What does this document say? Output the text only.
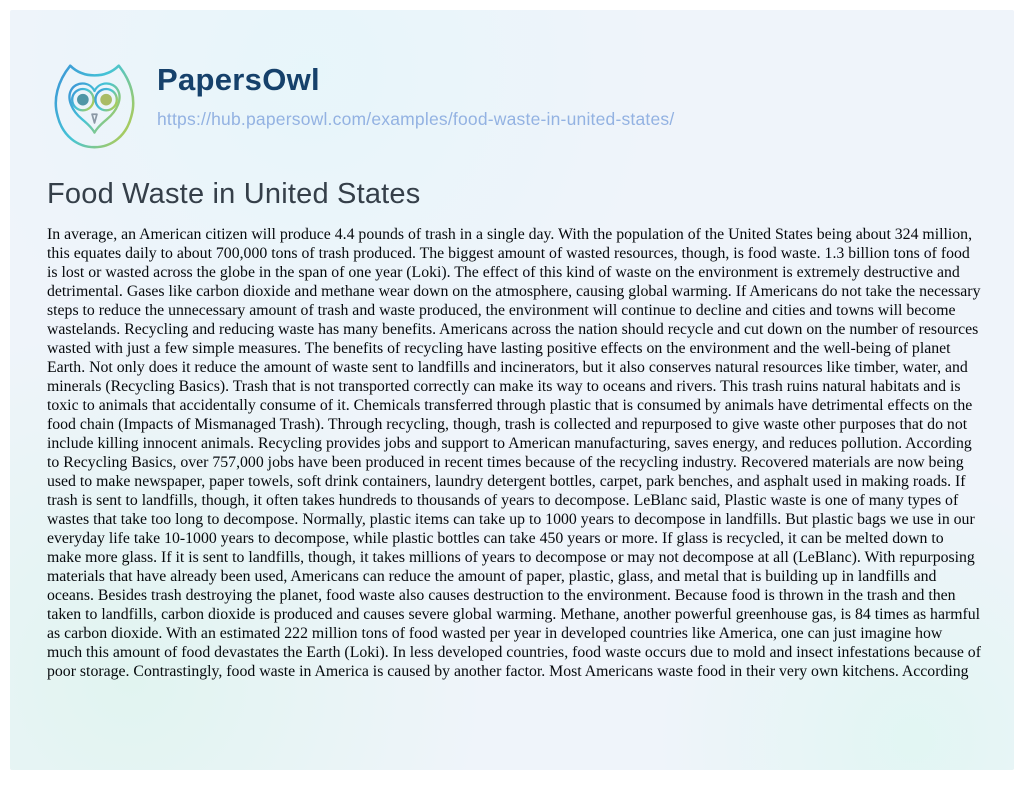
PapersOwl
https://hub.papersowl.com/examples/food-waste-in-united-states/
Food Waste in United States

In average, an American citizen will produce 4.4 pounds of trash in a single day. With the population of the United States being about 324 million, this equates daily to about 700,000 tons of trash produced. The biggest amount of wasted resources, though, is food waste. 1.3 billion tons of food is lost or wasted across the globe in the span of one year (Loki). The effect of this kind of waste on the environment is extremely destructive and detrimental. Gases like carbon dioxide and methane wear down on the atmosphere, causing global warming. If Americans do not take the necessary steps to reduce the unnecessary amount of trash and waste produced, the environment will continue to decline and cities and towns will become wastelands. Recycling and reducing waste has many benefits. Americans across the nation should recycle and cut down on the number of resources wasted with just a few simple measures. The benefits of recycling have lasting positive effects on the environment and the well-being of planet Earth. Not only does it reduce the amount of waste sent to landfills and incinerators, but it also conserves natural resources like timber, water, and minerals (Recycling Basics). Trash that is not transported correctly can make its way to oceans and rivers. This trash ruins natural habitats and is toxic to animals that accidentally consume of it. Chemicals transferred through plastic that is consumed by animals have detrimental effects on the food chain (Impacts of Mismanaged Trash). Through recycling, though, trash is collected and repurposed to give waste other purposes that do not include killing innocent animals. Recycling provides jobs and support to American manufacturing, saves energy, and reduces pollution. According to Recycling Basics, over 757,000 jobs have been produced in recent times because of the recycling industry. Recovered materials are now being used to make newspaper, paper towels, soft drink containers, laundry detergent bottles, carpet, park benches, and asphalt used in making roads. If trash is sent to landfills, though, it often takes hundreds to thousands of years to decompose. LeBlanc said, Plastic waste is one of many types of wastes that take too long to decompose. Normally, plastic items can take up to 1000 years to decompose in landfills. But plastic bags we use in our everyday life take 10-1000 years to decompose, while plastic bottles can take 450 years or more. If glass is recycled, it can be melted down to make more glass. If it is sent to landfills, though, it takes millions of years to decompose or may not decompose at all (LeBlanc). With repurposing materials that have already been used, Americans can reduce the amount of paper, plastic, glass, and metal that is building up in landfills and oceans. Besides trash destroying the planet, food waste also causes destruction to the environment. Because food is thrown in the trash and then taken to landfills, carbon dioxide is produced and causes severe global warming. Methane, another powerful greenhouse gas, is 84 times as harmful as carbon dioxide. With an estimated 222 million tons of food wasted per year in developed countries like America, one can just imagine how much this amount of food devastates the Earth (Loki). In less developed countries, food waste occurs due to mold and insect infestations because of poor storage. Contrastingly, food waste in America is caused by another factor. Most Americans waste food in their very own kitchens. According
